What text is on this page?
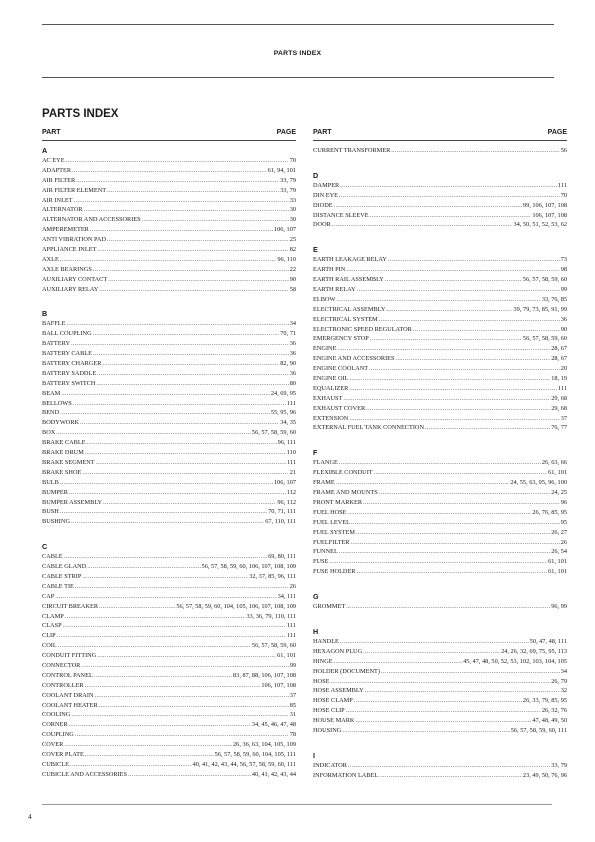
PARTS INDEX
PARTS INDEX
PART	PAGE
A
AC EYE .....	70
ADAPTER .....	61, 94, 101
AIR FILTER .....	33, 79
AIR FILTER ELEMENT .....	33, 79
AIR INLET .....	33
ALTERNATOR .....	30
ALTERNATOR AND ACCESSORIES .....	30
AMPEREMETER .....	106, 107
ANTI VIBRATION PAD .....	25
APPLIANCE INLET .....	82
AXLE .....	96, 110
AXLE BEARINGS .....	22
AUXILIARY CONTACT .....	90
AUXILIARY RELAY .....	58
B
BAFFLE .....	34
BALL COUPLING .....	70, 71
BATTERY .....	36
BATTERY CABLE .....	36
BATTERY CHARGER .....	82, 90
BATTERY SADDLE .....	36
BATTERY SWITCH .....	80
BEAM .....	24, 69, 95
BELLOWS .....	111
BEND .....	55, 95, 96
BODYWORK .....	34, 35
BOX .....	56, 57, 58, 59, 60
BRAKE CABLE .....	96, 111
BRAKE DRUM .....	110
BRAKE SEGMENT .....	111
BRAKE SHOE .....	21
BULB .....	106, 107
BUMPER .....	112
BUMPER ASSEMBLY .....	96, 112
BUSH .....	70, 71, 111
BUSHING .....	67, 110, 111
C
CABLE .....	69, 80, 111
CABLE GLAND .....	56, 57, 58, 59, 60, 106, 107, 108, 109
CABLE STRIP .....	32, 37, 85, 96, 111
CABLE TIE .....	26
CAP .....	34, 111
CIRCUIT BREAKER .....	56, 57, 58, 59, 60, 104, 105, 106, 107, 108, 109
CLAMP .....	33, 36, 79, 110, 111
CLASP .....	111
CLIP .....	111
COIL .....	56, 57, 58, 59, 60
CONDUIT FITTING .....	61, 101
CONNECTOR .....	99
CONTROL PANEL .....	83, 87, 88, 106, 107, 108
CONTROLLER .....	106, 107, 108
COOLANT DRAIN .....	37
COOLANT HEATER .....	85
COOLING .....	31
CORNER .....	34, 45, 46, 47, 48
COUPLING .....	78
COVER .....	26, 36, 63, 104, 105, 109
COVER PLATE .....	56, 57, 58, 59, 60, 104, 105, 111
CUBICLE .....	40, 41, 42, 43, 44, 56, 57, 58, 59, 60, 111
CUBICLE AND ACCESSORIES .....	40, 41, 42, 43, 44
PART	PAGE
CURRENT TRANSFORMER .....	56
D
DAMPER .....	111
DIN EYE .....	70
DIODE .....	99, 106, 107, 108
DISTANCE SLEEVE .....	106, 107, 108
DOOR .....	34, 50, 51, 52, 53, 62
E
EARTH LEAKAGE RELAY .....	73
EARTH PIN .....	98
EARTH RAIL ASSEMBLY .....	56, 57, 58, 59, 60
EARTH RELAY .....	99
ELBOW .....	33, 76, 85
ELECTRICAL ASSEMBLY .....	39, 79, 73, 85, 91, 99
ELECTRICAL SYSTEM .....	36
ELECTRONIC SPEED REGULATOR .....	90
EMERGENCY STOP .....	56, 57, 58, 59, 60
ENGINE .....	28, 67
ENGINE AND ACCESSORIES .....	28, 67
ENGINE COOLANT .....	20
ENGINE OIL .....	18, 19
EQUALIZER .....	111
EXHAUST .....	29, 68
EXHAUST COVER .....	29, 68
EXTENSION .....	37
EXTERNAL FUEL TANK CONNECTION .....	76, 77
F
FLANGE .....	26, 63, 66
FLEXIBLE CONDUIT .....	61, 101
FRAME .....	24, 55, 63, 95, 96, 100
FRAME AND MOUNTS .....	24, 25
FRONT MARKER .....	96
FUEL HOSE .....	26, 76, 85, 95
FUEL LEVEL .....	95
FUEL SYSTEM .....	26, 27
FUELFILTER .....	26
FUNNEL .....	26, 54
FUSE .....	61, 101
FUSE HOLDER .....	61, 101
G
GROMMET .....	96, 99
H
HANDLE .....	50, 47, 48, 111
HEXAGON PLUG .....	24, 26, 32, 69, 75, 95, 113
HINGE .....	45, 47, 48, 50, 52, 53, 102, 103, 104, 105
HOLDER (DOCUMENT) .....	34
HOSE .....	26, 79
HOSE ASSEMBLY .....	32
HOSE CLAMP .....	26, 33, 79, 85, 95
HOSE CLIP .....	26, 32, 76
HOUSE MARK .....	47, 48, 49, 50
HOUSING .....	56, 57, 58, 59, 60, 111
I
INDICATOR .....	33, 79
INFORMATION LABEL .....	23, 49, 50, 76, 96
4
